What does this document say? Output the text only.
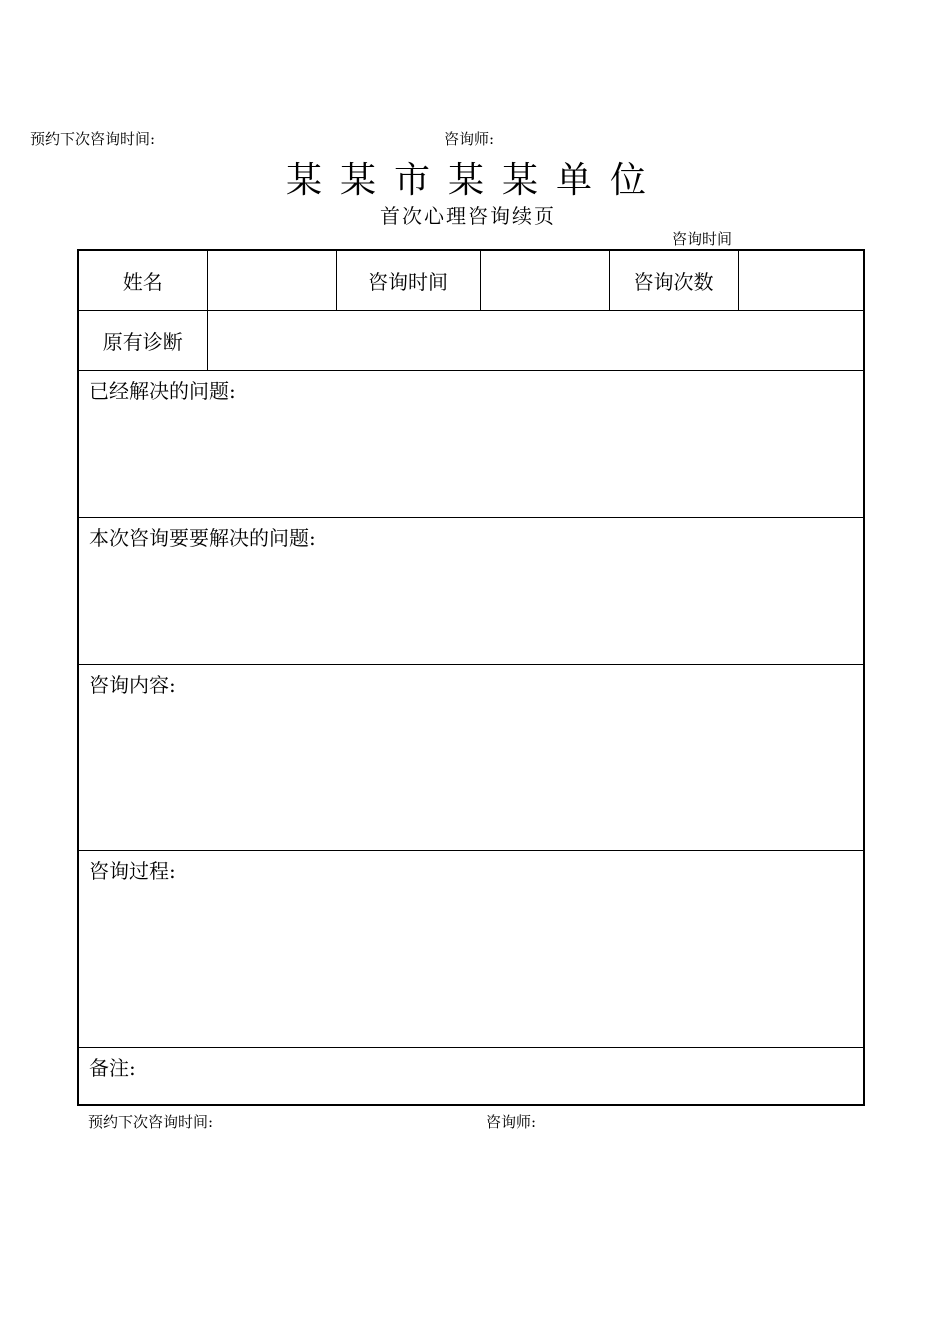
预约下次咨询时间:	咨询师:
某某市某某单位
首次心理咨询续页
咨询时间
姓名		咨询时间		咨询次数	
原有诊断					
已经解决的问题:					
本次咨询要要解决的问题:					
咨询内容:					
咨询过程:					
备注:					
预约下次咨询时间:	咨询师:
